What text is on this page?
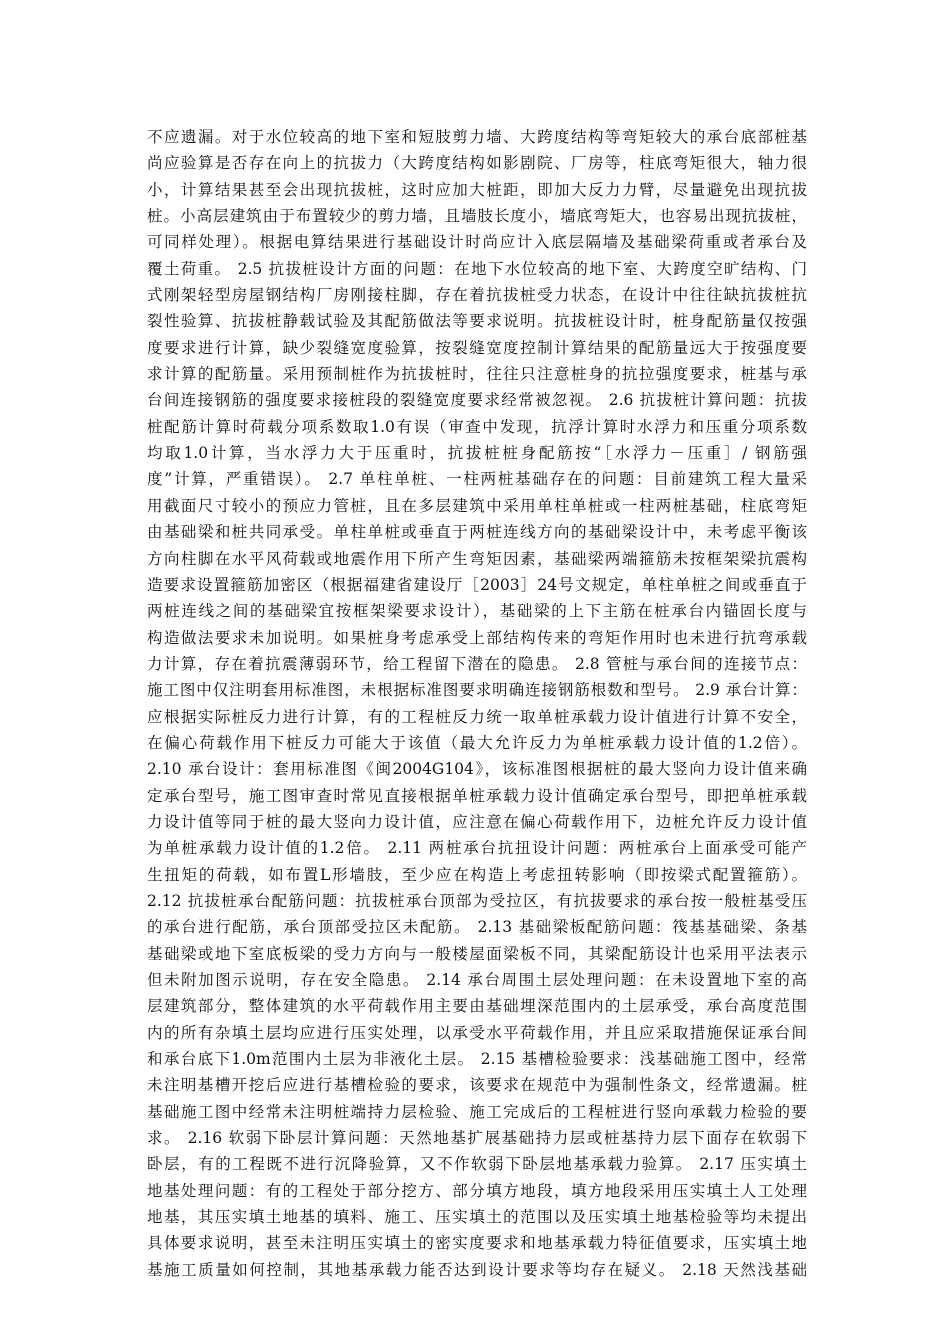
不应遗漏。对于水位较高的地下室和短肢剪力墙、大跨度结构等弯矩较大的承台底部桩基
尚应验算是否存在向上的抗拔力（大跨度结构如影剧院、厂房等，柱底弯矩很大，轴力很
小，计算结果甚至会出现抗拔桩，这时应加大桩距，即加大反力力臂，尽量避免出现抗拔
桩。小高层建筑由于布置较少的剪力墙，且墙肢长度小，墙底弯矩大，也容易出现抗拔桩，
可同样处理）。根据电算结果进行基础设计时尚应计入底层隔墙及基础梁荷重或者承台及
覆土荷重。 2.5 抗拔桩设计方面的问题：在地下水位较高的地下室、大跨度空旷结构、门
式刚架轻型房屋钢结构厂房刚接柱脚，存在着抗拔桩受力状态，在设计中往往缺抗拔桩抗
裂性验算、抗拔桩静载试验及其配筋做法等要求说明。抗拔桩设计时，桩身配筋量仅按强
度要求进行计算，缺少裂缝宽度验算，按裂缝宽度控制计算结果的配筋量远大于按强度要
求计算的配筋量。采用预制桩作为抗拔桩时，往往只注意桩身的抗拉强度要求，桩基与承
台间连接钢筋的强度要求接桩段的裂缝宽度要求经常被忽视。 2.6 抗拔桩计算问题：抗拔
桩配筋计算时荷载分项系数取1.0有误（审查中发现，抗浮计算时水浮力和压重分项系数
均取1.0计算，当水浮力大于压重时，抗拔桩桩身配筋按“［水浮力－压重］/ 钢筋强
度”计算，严重错误）。 2.7 单柱单桩、一柱两桩基础存在的问题：目前建筑工程大量采
用截面尺寸较小的预应力管桩，且在多层建筑中采用单柱单桩或一柱两桩基础，柱底弯矩
由基础梁和桩共同承受。单柱单桩或垂直于两桩连线方向的基础梁设计中，未考虑平衡该
方向柱脚在水平风荷载或地震作用下所产生弯矩因素，基础梁两端箍筋未按框架梁抗震构
造要求设置箍筋加密区（根据福建省建设厅［2003］24号文规定，单柱单桩之间或垂直于
两桩连线之间的基础梁宜按框架梁要求设计），基础梁的上下主筋在桩承台内锚固长度与
构造做法要求未加说明。如果桩身考虑承受上部结构传来的弯矩作用时也未进行抗弯承载
力计算，存在着抗震薄弱环节，给工程留下潜在的隐患。 2.8 管桩与承台间的连接节点：
施工图中仅注明套用标准图，未根据标准图要求明确连接钢筋根数和型号。 2.9 承台计算：
应根据实际桩反力进行计算，有的工程桩反力统一取单桩承载力设计值进行计算不安全，
在偏心荷载作用下桩反力可能大于该值（最大允许反力为单桩承载力设计值的1.2倍）。
2.10 承台设计：套用标准图《闽2004G104》，该标准图根据桩的最大竖向力设计值来确
定承台型号，施工图审查时常见直接根据单桩承载力设计值确定承台型号，即把单桩承载
力设计值等同于桩的最大竖向力设计值，应注意在偏心荷载作用下，边桩允许反力设计值
为单桩承载力设计值的1.2倍。 2.11 两桩承台抗扭设计问题：两桩承台上面承受可能产
生扭矩的荷载，如布置L形墙肢，至少应在构造上考虑扭转影响（即按梁式配置箍筋）。
2.12 抗拔桩承台配筋问题：抗拔桩承台顶部为受拉区，有抗拔要求的承台按一般桩基受压
的承台进行配筋，承台顶部受拉区未配筋。 2.13 基础梁板配筋问题：筏基基础梁、条基
基础梁或地下室底板梁的受力方向与一般楼屋面梁板不同，其梁配筋设计也采用平法表示
但未附加图示说明，存在安全隐患。 2.14 承台周围土层处理问题：在未设置地下室的高
层建筑部分，整体建筑的水平荷载作用主要由基础埋深范围内的土层承受，承台高度范围
内的所有杂填土层均应进行压实处理，以承受水平荷载作用，并且应采取措施保证承台间
和承台底下1.0m范围内土层为非液化土层。 2.15 基槽检验要求：浅基础施工图中，经常
未注明基槽开挖后应进行基槽检验的要求，该要求在规范中为强制性条文，经常遗漏。桩
基础施工图中经常未注明桩端持力层检验、施工完成后的工程桩进行竖向承载力检验的要
求。 2.16 软弱下卧层计算问题：天然地基扩展基础持力层或桩基持力层下面存在软弱下
卧层，有的工程既不进行沉降验算，又不作软弱下卧层地基承载力验算。 2.17 压实填土
地基处理问题：有的工程处于部分挖方、部分填方地段，填方地段采用压实填土人工处理
地基，其压实填土地基的填料、施工、压实填土的范围以及压实填土地基检验等均未提出
具体要求说明，甚至未注明压实填土的密实度要求和地基承载力特征值要求，压实填土地
基施工质量如何控制，其地基承载力能否达到设计要求等均存在疑义。 2.18 天然浅基础
